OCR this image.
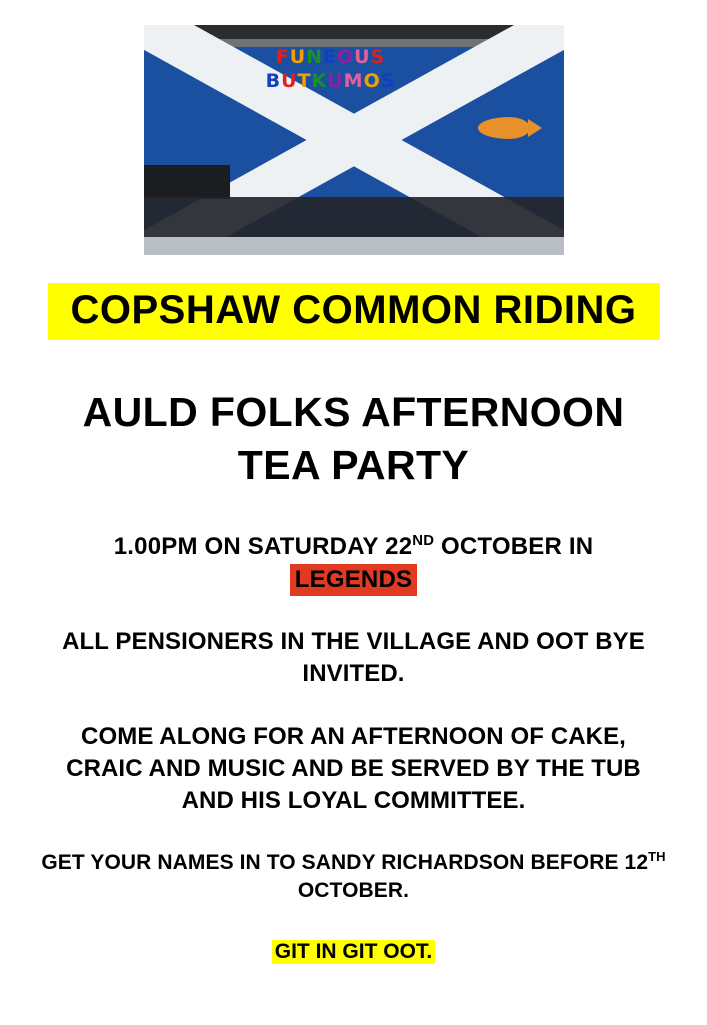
FUNEOUS
BUTKUMOS
COPSHAW COMMON RIDING
AULD FOLKS AFTERNOON
TEA PARTY
1.00PM ON SATURDAY 22ND OCTOBER IN
LEGENDS
ALL PENSIONERS IN THE VILLAGE AND OOT BYE INVITED.
COME ALONG FOR AN AFTERNOON OF CAKE, CRAIC AND MUSIC AND BE SERVED BY THE TUB AND HIS LOYAL COMMITTEE.
GET YOUR NAMES IN TO SANDY RICHARDSON BEFORE 12TH OCTOBER.
GIT IN GIT OOT.
